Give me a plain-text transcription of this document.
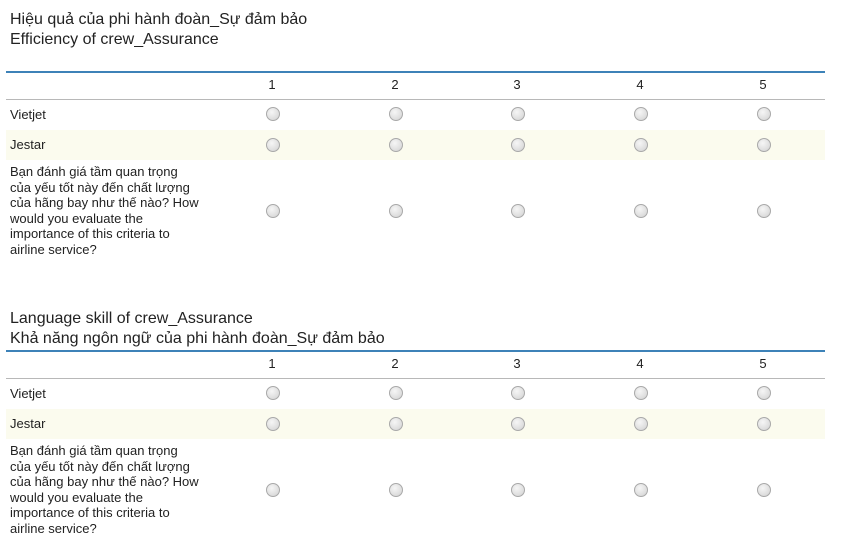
Hiệu quả của phi hành đoàn_Sự đảm bảo
Efficiency of crew_Assurance
1	2	3	4	5
Vietjet
Jestar
Bạn đánh giá tầm quan trọng
của yếu tốt này đến chất lượng
của hãng bay như thế nào? How
would you evaluate the
importance of this criteria to
airline service?
Language skill of crew_Assurance
Khả năng ngôn ngữ của phi hành đoàn_Sự đảm bảo
1	2	3	4	5
Vietjet
Jestar
Bạn đánh giá tầm quan trọng
của yếu tốt này đến chất lượng
của hãng bay như thế nào? How
would you evaluate the
importance of this criteria to
airline service?
